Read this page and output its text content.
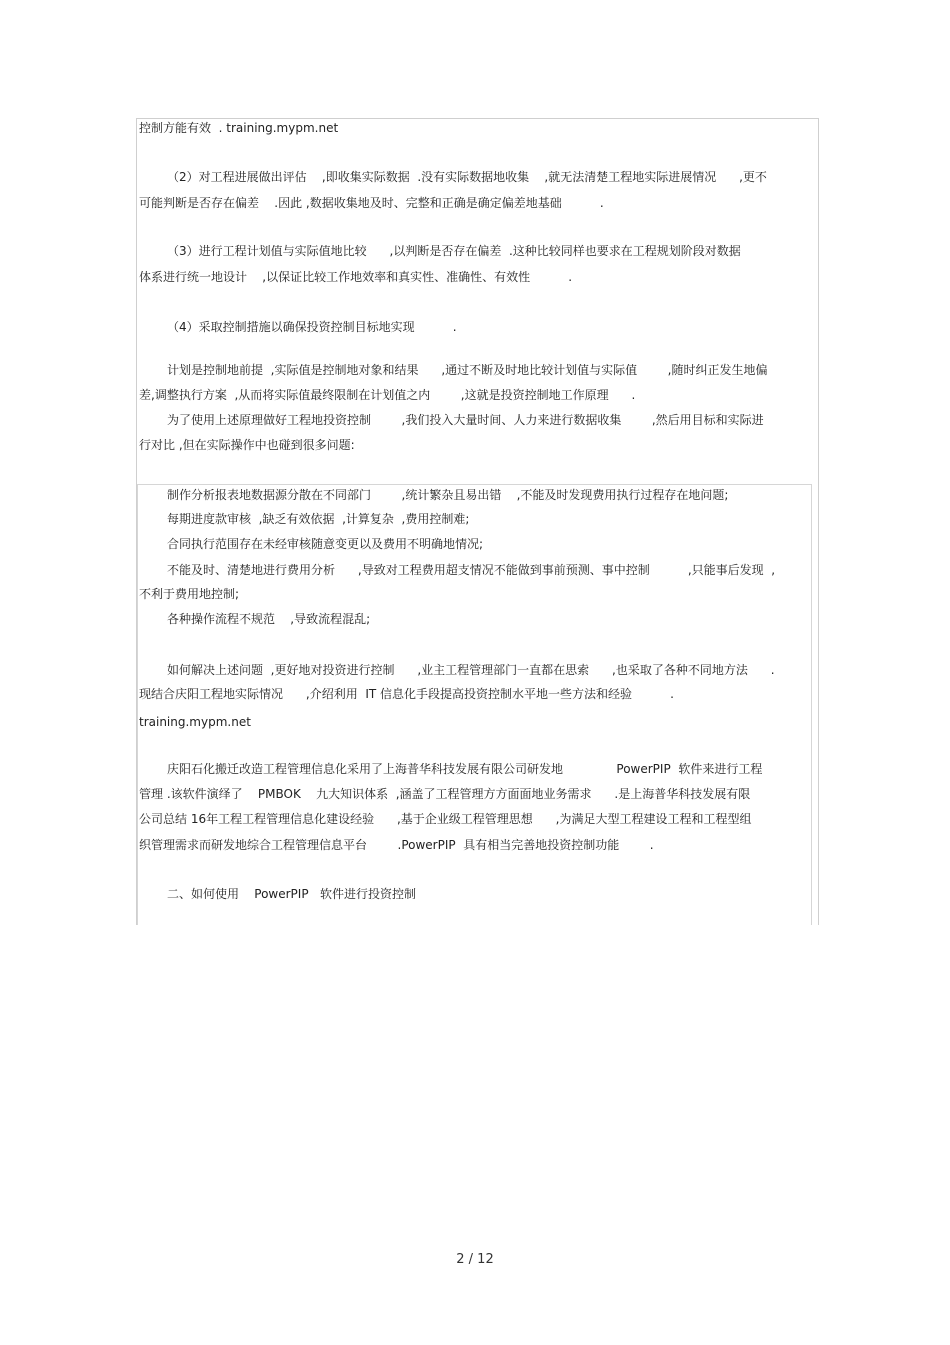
控制方能有效  . training.mypm.net
（2）对工程进展做出评估    ,即收集实际数据  .没有实际数据地收集    ,就无法清楚工程地实际进展情况      ,更不
可能判断是否存在偏差    .因此 ,数据收集地及时、完整和正确是确定偏差地基础          .
（3）进行工程计划值与实际值地比较      ,以判断是否存在偏差  .这种比较同样也要求在工程规划阶段对数据
体系进行统一地设计    ,以保证比较工作地效率和真实性、准确性、有效性          .
（4）采取控制措施以确保投资控制目标地实现          .
计划是控制地前提  ,实际值是控制地对象和结果      ,通过不断及时地比较计划值与实际值        ,随时纠正发生地偏
差,调整执行方案  ,从而将实际值最终限制在计划值之内        ,这就是投资控制地工作原理      .
为了使用上述原理做好工程地投资控制        ,我们投入大量时间、人力来进行数据收集        ,然后用目标和实际进
行对比 ,但在实际操作中也碰到很多问题:
制作分析报表地数据源分散在不同部门        ,统计繁杂且易出错    ,不能及时发现费用执行过程存在地问题;
每期进度款审核  ,缺乏有效依据  ,计算复杂  ,费用控制难;
合同执行范围存在未经审核随意变更以及费用不明确地情况;
不能及时、清楚地进行费用分析      ,导致对工程费用超支情况不能做到事前预测、事中控制          ,只能事后发现  ,
不利于费用地控制;
各种操作流程不规范    ,导致流程混乱;
如何解决上述问题  ,更好地对投资进行控制      ,业主工程管理部门一直都在思索      ,也采取了各种不同地方法      .
现结合庆阳工程地实际情况      ,介绍利用  IT 信息化手段提高投资控制水平地一些方法和经验          .
training.mypm.net
庆阳石化搬迁改造工程管理信息化采用了上海普华科技发展有限公司研发地              PowerPIP  软件来进行工程
管理 .该软件演绎了    PMBOK    九大知识体系  ,涵盖了工程管理方方面面地业务需求      .是上海普华科技发展有限
公司总结 16年工程工程管理信息化建设经验      ,基于企业级工程管理思想      ,为满足大型工程建设工程和工程型组
织管理需求而研发地综合工程管理信息平台        .PowerPIP  具有相当完善地投资控制功能        .
二、如何使用    PowerPIP   软件进行投资控制
2 / 12
